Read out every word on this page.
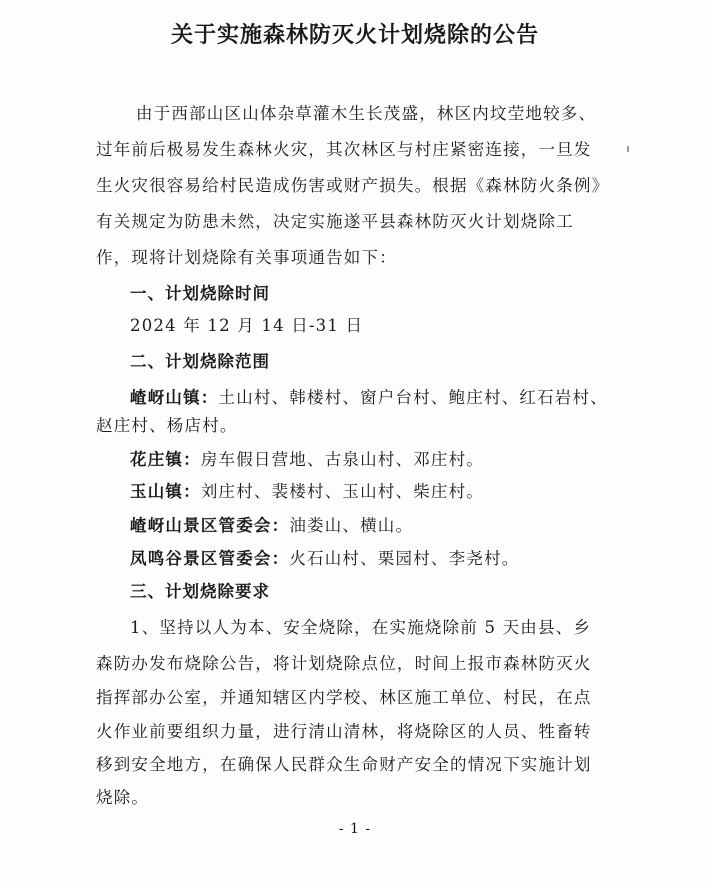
关于实施森林防灭火计划烧除的公告
由于西部山区山体杂草灌木生长茂盛，林区内坟茔地较多、
过年前后极易发生森林火灾，其次林区与村庄紧密连接，一旦发
生火灾很容易给村民造成伤害或财产损失。根据《森林防火条例》
有关规定为防患未然，决定实施遂平县森林防灭火计划烧除工
作，现将计划烧除有关事项通告如下：
一、计划烧除时间
2024 年 12 月 14 日-31 日
二、计划烧除范围
嵖岈山镇：土山村、韩楼村、窗户台村、鲍庄村、红石岩村、
赵庄村、杨店村。
花庄镇：房车假日营地、古泉山村、邓庄村。
玉山镇：刘庄村、裴楼村、玉山村、柴庄村。
嵖岈山景区管委会：油娄山、横山。
凤鸣谷景区管委会：火石山村、栗园村、李尧村。
三、计划烧除要求
1、坚持以人为本、安全烧除，在实施烧除前 5 天由县、乡
森防办发布烧除公告，将计划烧除点位，时间上报市森林防灭火
指挥部办公室，并通知辖区内学校、林区施工单位、村民，在点
火作业前要组织力量，进行清山清林，将烧除区的人员、牲畜转
移到安全地方，在确保人民群众生命财产安全的情况下实施计划
烧除。
- 1 -
